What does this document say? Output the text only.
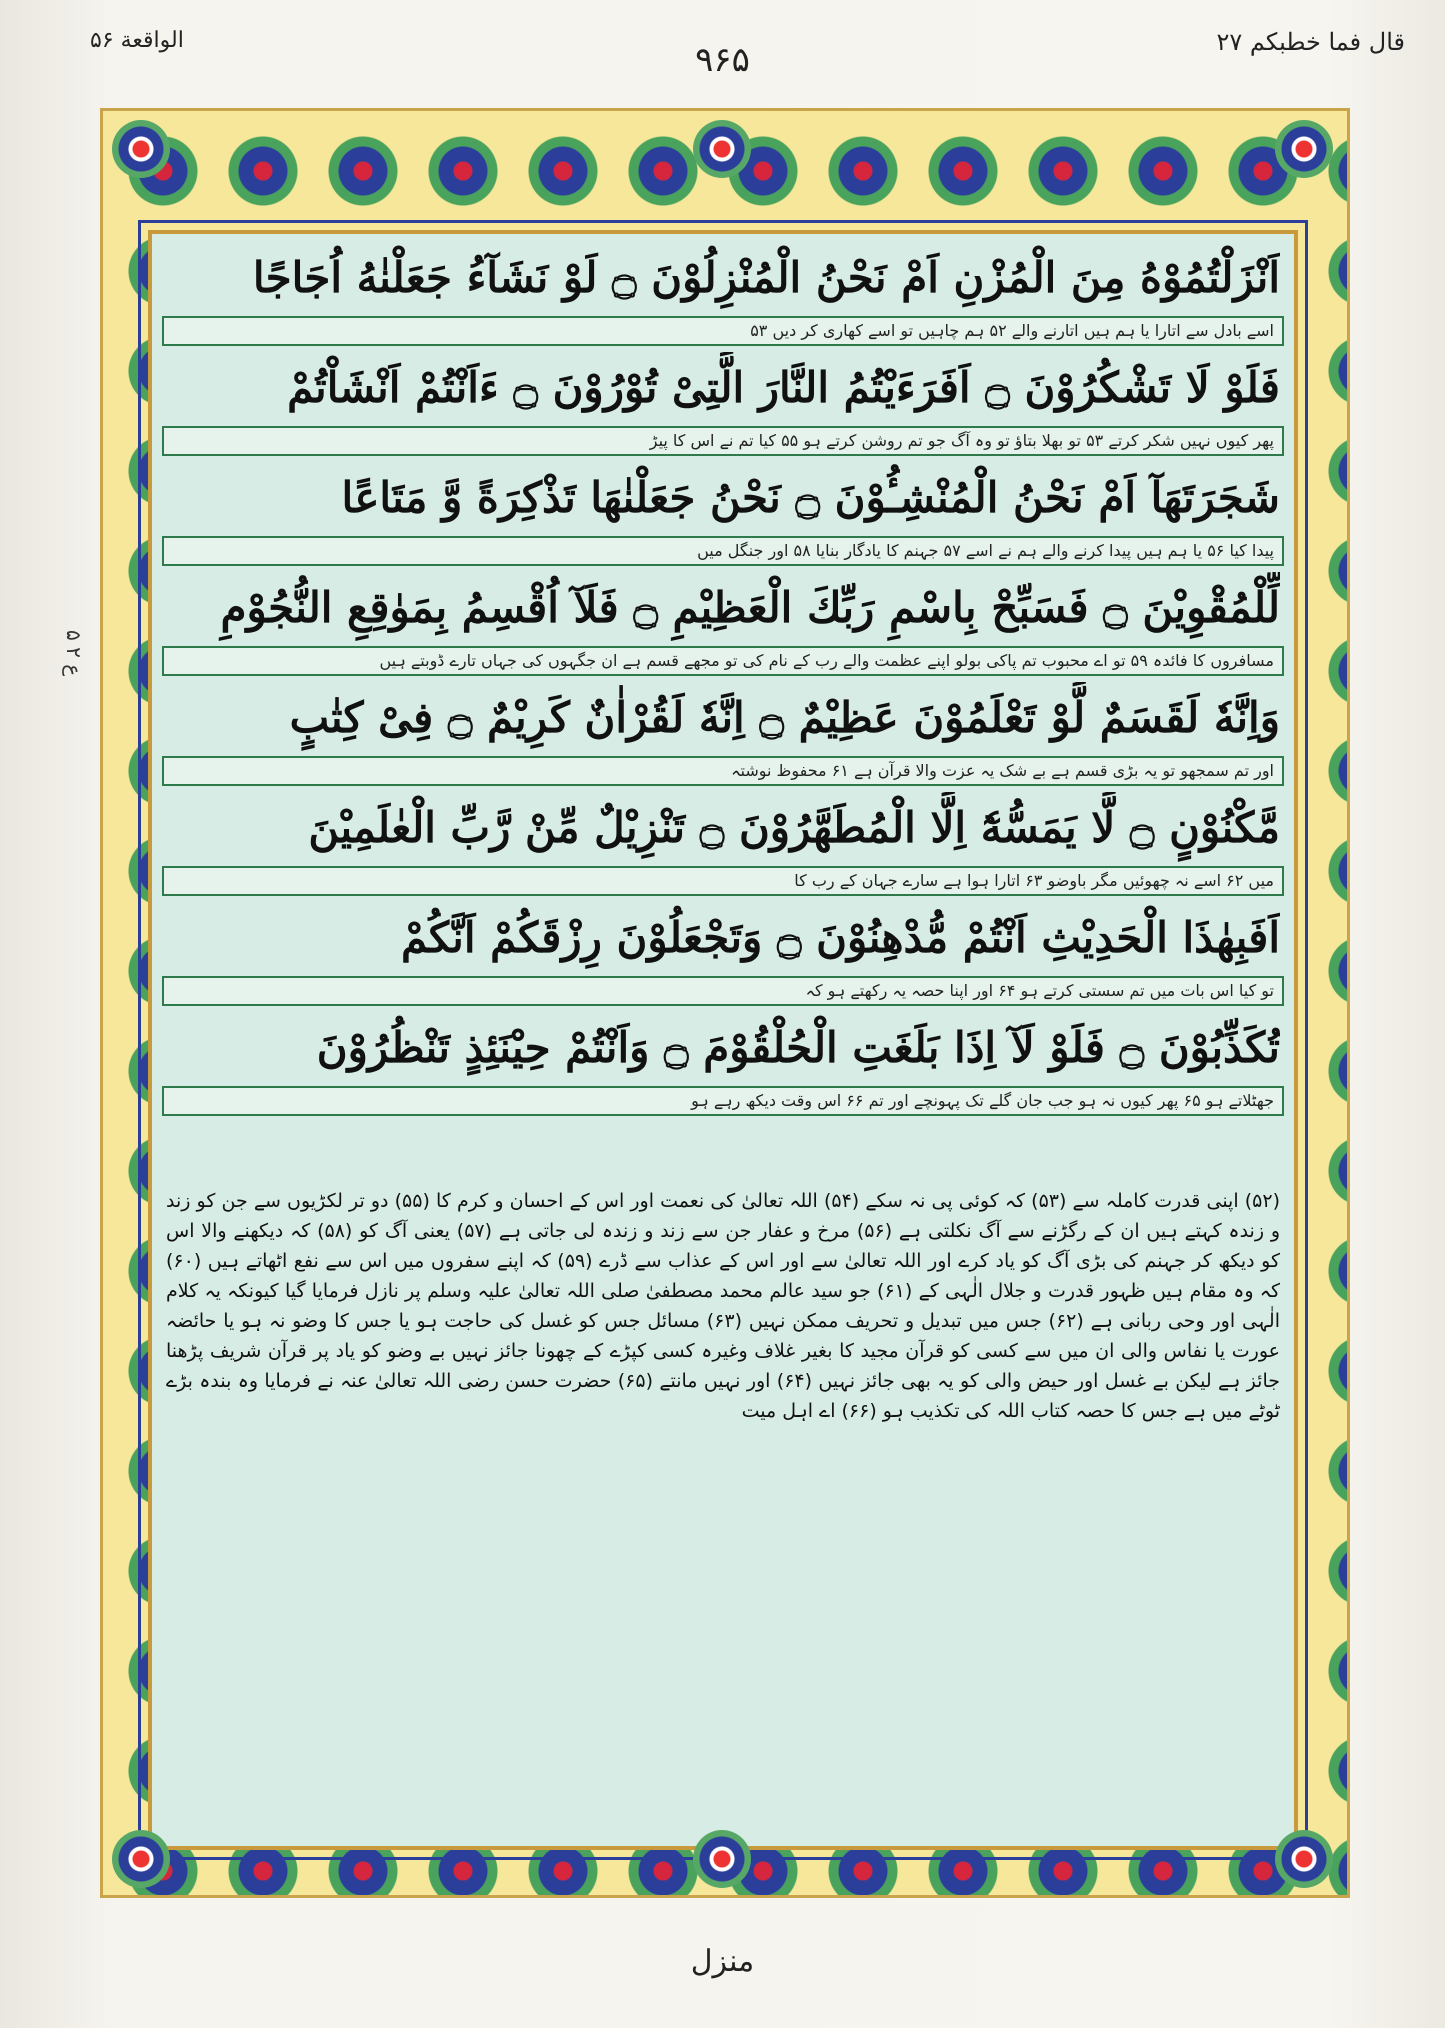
الواقعة ۵۶	۹۶۵	قال فما خطبكم ۲۷
ع ۲ ۵
اَنْزَلْتُمُوْهُ مِنَ الْمُزْنِ اَمْ نَحْنُ الْمُنْزِلُوْنَ ۝ لَوْ نَشَآءُ جَعَلْنٰهُ اُجَاجًا
اسے بادل سے اتارا یا ہم ہیں اتارنے والے ۵۲ ہم چاہیں تو اسے کھاری کر دیں ۵۳
فَلَوْ لَا تَشْكُرُوْنَ ۝ اَفَرَءَيْتُمُ النَّارَ الَّتِىْ تُوْرُوْنَ ۝ ءَاَنْتُمْ اَنْشَاْتُمْ
پھر کیوں نہیں شکر کرتے ۵۳ تو بھلا بتاؤ تو وہ آگ جو تم روشن کرتے ہو ۵۵ کیا تم نے اس کا پیڑ
شَجَرَتَهَآ اَمْ نَحْنُ الْمُنْشِـُٔوْنَ ۝ نَحْنُ جَعَلْنٰهَا تَذْكِرَةً وَّ مَتَاعًا
پیدا کیا ۵۶ یا ہم ہیں پیدا کرنے والے ہم نے اسے ۵۷ جہنم کا یادگار بنایا ۵۸ اور جنگل میں
لِّلْمُقْوِيْنَ ۝ فَسَبِّحْ بِاسْمِ رَبِّكَ الْعَظِيْمِ ۝ فَلَآ اُقْسِمُ بِمَوٰقِعِ النُّجُوْمِ
مسافروں کا فائدہ ۵۹ تو اے محبوب تم پاکی بولو اپنے عظمت والے رب کے نام کی تو مجھے قسم ہے ان جگہوں کی جہاں تارے ڈوبتے ہیں
وَاِنَّهٗ لَقَسَمٌ لَّوْ تَعْلَمُوْنَ عَظِيْمٌ ۝ اِنَّهٗ لَقُرْاٰنٌ كَرِيْمٌ ۝ فِىْ كِتٰبٍ
اور تم سمجھو تو یہ بڑی قسم ہے بے شک یہ عزت والا قرآن ہے ۶۱ محفوظ نوشتہ
مَّكْنُوْنٍ ۝ لَّا يَمَسُّهٗٓ اِلَّا الْمُطَهَّرُوْنَ ۝ تَنْزِيْلٌ مِّنْ رَّبِّ الْعٰلَمِيْنَ
میں ۶۲ اسے نہ چھوئیں مگر باوضو ۶۳ اتارا ہوا ہے سارے جہان کے رب کا
اَفَبِهٰذَا الْحَدِيْثِ اَنْتُمْ مُّدْهِنُوْنَ ۝ وَتَجْعَلُوْنَ رِزْقَكُمْ اَنَّكُمْ
تو کیا اس بات میں تم سستی کرتے ہو ۶۴ اور اپنا حصہ یہ رکھتے ہو کہ
تُكَذِّبُوْنَ ۝ فَلَوْ لَآ اِذَا بَلَغَتِ الْحُلْقُوْمَ ۝ وَاَنْتُمْ حِيْنَئِذٍ تَنْظُرُوْنَ
جھٹلاتے ہو ۶۵ پھر کیوں نہ ہو جب جان گلے تک پہونچے اور تم ۶۶ اس وقت دیکھ رہے ہو
(۵۲) اپنی قدرت کاملہ سے (۵۳) کہ کوئی پی نہ سکے (۵۴) اللہ تعالیٰ کی نعمت اور اس کے احسان و کرم کا (۵۵) دو تر لکڑیوں سے جن کو زند و زندہ کہتے ہیں ان کے رگڑنے سے آگ نکلتی ہے (۵۶) مرخ و عفار جن سے زند و زندہ لی جاتی ہے (۵۷) یعنی آگ کو (۵۸) کہ دیکھنے والا اس کو دیکھ کر جہنم کی بڑی آگ کو یاد کرے اور اللہ تعالیٰ سے اور اس کے عذاب سے ڈرے (۵۹) کہ اپنے سفروں میں اس سے نفع اٹھاتے ہیں (۶۰) کہ وہ مقام ہیں ظہور قدرت و جلال الٰہی کے (۶۱) جو سید عالم محمد مصطفیٰ صلی اللہ تعالیٰ علیہ وسلم پر نازل فرمایا گیا کیونکہ یہ کلام الٰہی اور وحی ربانی ہے (۶۲) جس میں تبدیل و تحریف ممکن نہیں (۶۳) مسائل جس کو غسل کی حاجت ہو یا جس کا وضو نہ ہو یا حائضہ عورت یا نفاس والی ان میں سے کسی کو قرآن مجید کا بغیر غلاف وغیرہ کسی کپڑے کے چھونا جائز نہیں بے وضو کو یاد پر قرآن شریف پڑھنا جائز ہے لیکن بے غسل اور حیض والی کو یہ بھی جائز نہیں (۶۴) اور نہیں مانتے (۶۵) حضرت حسن رضی اللہ تعالیٰ عنہ نے فرمایا وہ بندہ بڑے ٹوٹے میں ہے جس کا حصہ کتاب اللہ کی تکذیب ہو (۶۶) اے اہل میت
منزل
